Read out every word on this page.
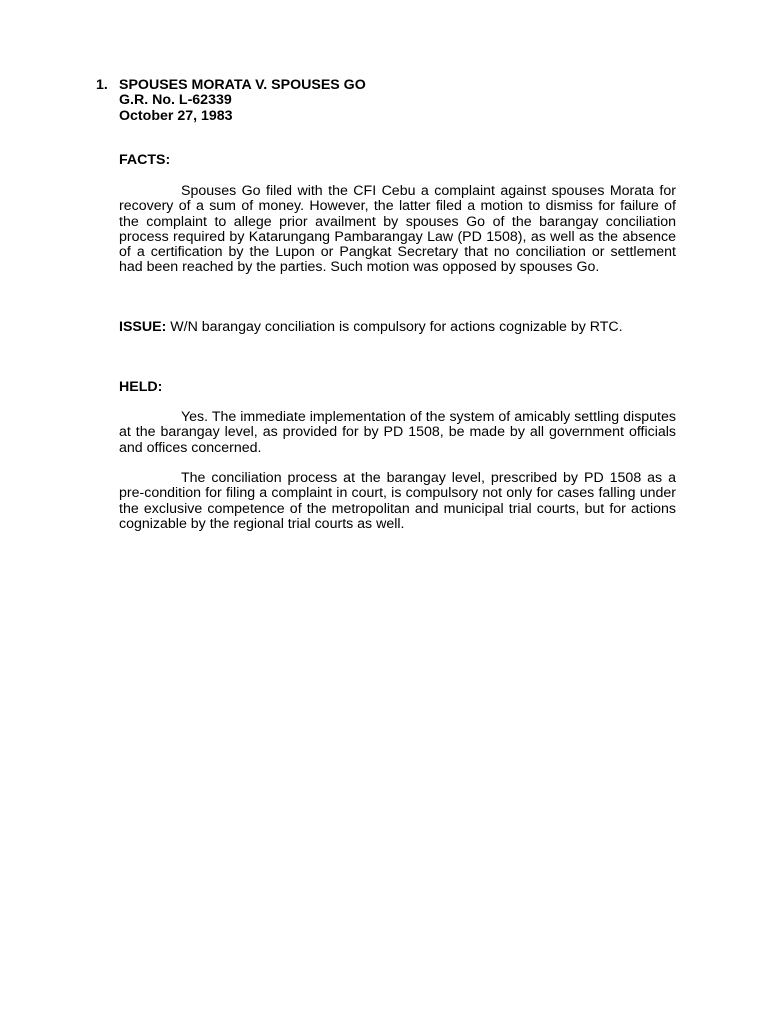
1. SPOUSES MORATA V. SPOUSES GO
G.R. No. L-62339
October 27, 1983
FACTS:

Spouses Go filed with the CFI Cebu a complaint against spouses Morata for recovery of a sum of money. However, the latter filed a motion to dismiss for failure of the complaint to allege prior availment by spouses Go of the barangay conciliation process required by Katarungang Pambarangay Law (PD 1508), as well as the absence of a certification by the Lupon or Pangkat Secretary that no conciliation or settlement had been reached by the parties. Such motion was opposed by spouses Go.

ISSUE: W/N barangay conciliation is compulsory for actions cognizable by RTC.
HELD:

Yes. The immediate implementation of the system of amicably settling disputes at the barangay level, as provided for by PD 1508, be made by all government officials and offices concerned.

The conciliation process at the barangay level, prescribed by PD 1508 as a pre-condition for filing a complaint in court, is compulsory not only for cases falling under the exclusive competence of the metropolitan and municipal trial courts, but for actions cognizable by the regional trial courts as well.
